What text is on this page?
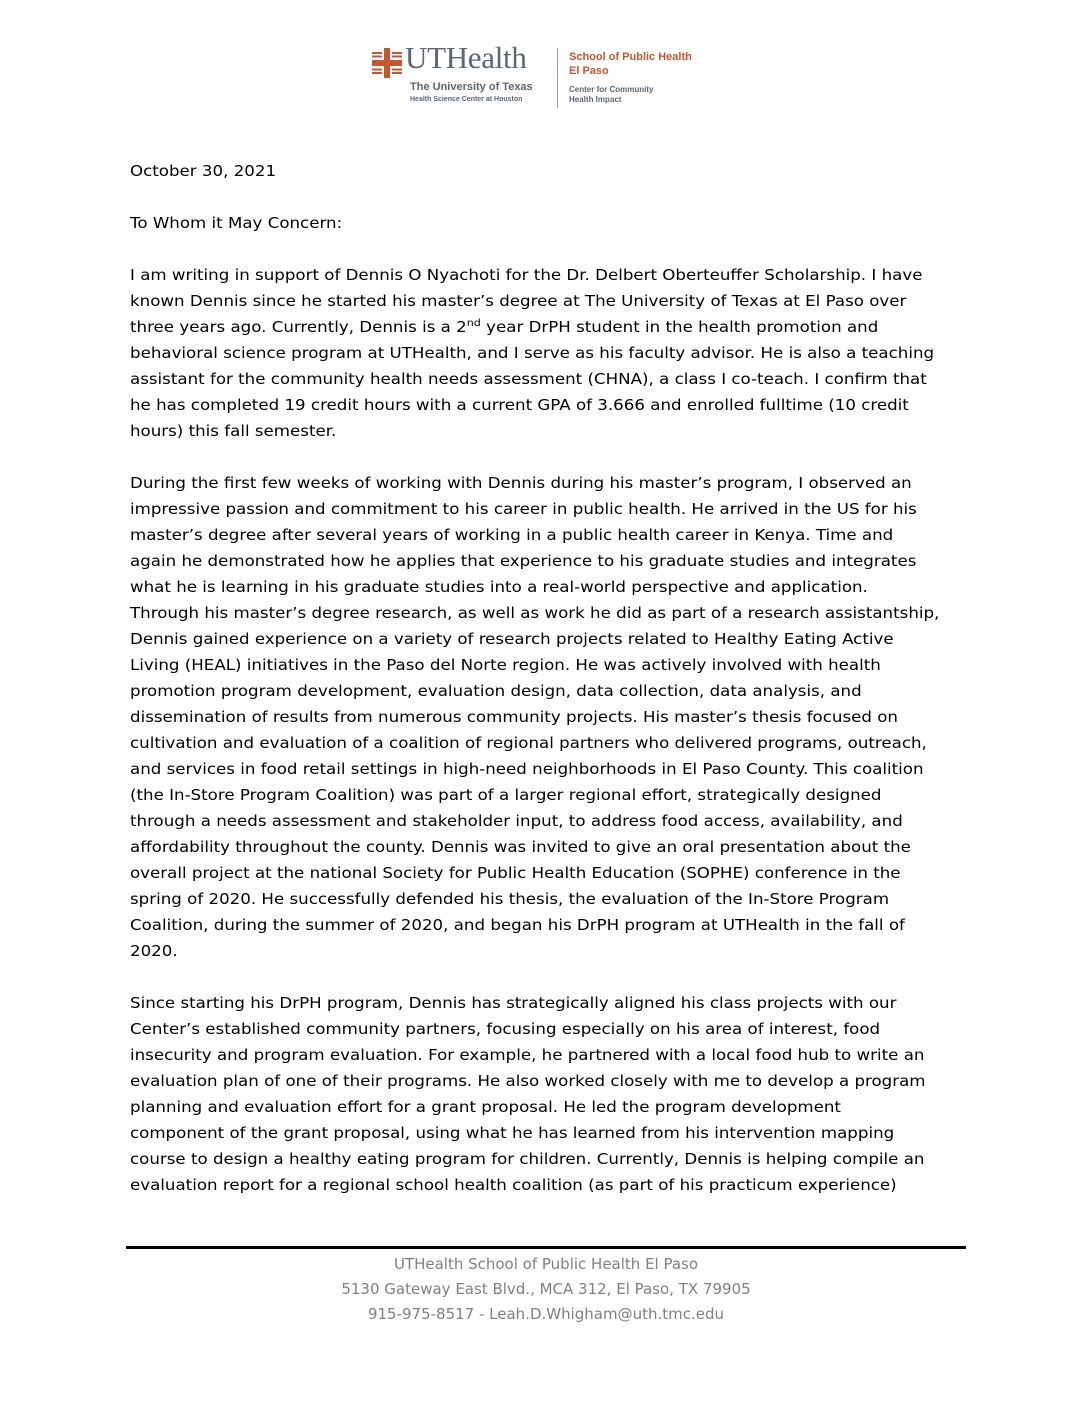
UTHealth
The University of Texas
Health Science Center at Houston
School of Public Health
El Paso
Center for Community
Health Impact
October 30, 2021
To Whom it May Concern:
I am writing in support of Dennis O Nyachoti for the Dr. Delbert Oberteuffer Scholarship. I have
known Dennis since he started his master’s degree at The University of Texas at El Paso over
three years ago. Currently, Dennis is a 2nd year DrPH student in the health promotion and
behavioral science program at UTHealth, and I serve as his faculty advisor. He is also a teaching
assistant for the community health needs assessment (CHNA), a class I co-teach. I confirm that
he has completed 19 credit hours with a current GPA of 3.666 and enrolled fulltime (10 credit
hours) this fall semester.
During the first few weeks of working with Dennis during his master’s program, I observed an
impressive passion and commitment to his career in public health. He arrived in the US for his
master’s degree after several years of working in a public health career in Kenya. Time and
again he demonstrated how he applies that experience to his graduate studies and integrates
what he is learning in his graduate studies into a real-world perspective and application.
Through his master’s degree research, as well as work he did as part of a research assistantship,
Dennis gained experience on a variety of research projects related to Healthy Eating Active
Living (HEAL) initiatives in the Paso del Norte region. He was actively involved with health
promotion program development, evaluation design, data collection, data analysis, and
dissemination of results from numerous community projects. His master’s thesis focused on
cultivation and evaluation of a coalition of regional partners who delivered programs, outreach,
and services in food retail settings in high-need neighborhoods in El Paso County. This coalition
(the In-Store Program Coalition) was part of a larger regional effort, strategically designed
through a needs assessment and stakeholder input, to address food access, availability, and
affordability throughout the county. Dennis was invited to give an oral presentation about the
overall project at the national Society for Public Health Education (SOPHE) conference in the
spring of 2020. He successfully defended his thesis, the evaluation of the In-Store Program
Coalition, during the summer of 2020, and began his DrPH program at UTHealth in the fall of
2020.
Since starting his DrPH program, Dennis has strategically aligned his class projects with our
Center’s established community partners, focusing especially on his area of interest, food
insecurity and program evaluation. For example, he partnered with a local food hub to write an
evaluation plan of one of their programs. He also worked closely with me to develop a program
planning and evaluation effort for a grant proposal. He led the program development
component of the grant proposal, using what he has learned from his intervention mapping
course to design a healthy eating program for children. Currently, Dennis is helping compile an
evaluation report for a regional school health coalition (as part of his practicum experience)
UTHealth School of Public Health El Paso
5130 Gateway East Blvd., MCA 312, El Paso, TX 79905
915-975-8517 - Leah.D.Whigham@uth.tmc.edu
